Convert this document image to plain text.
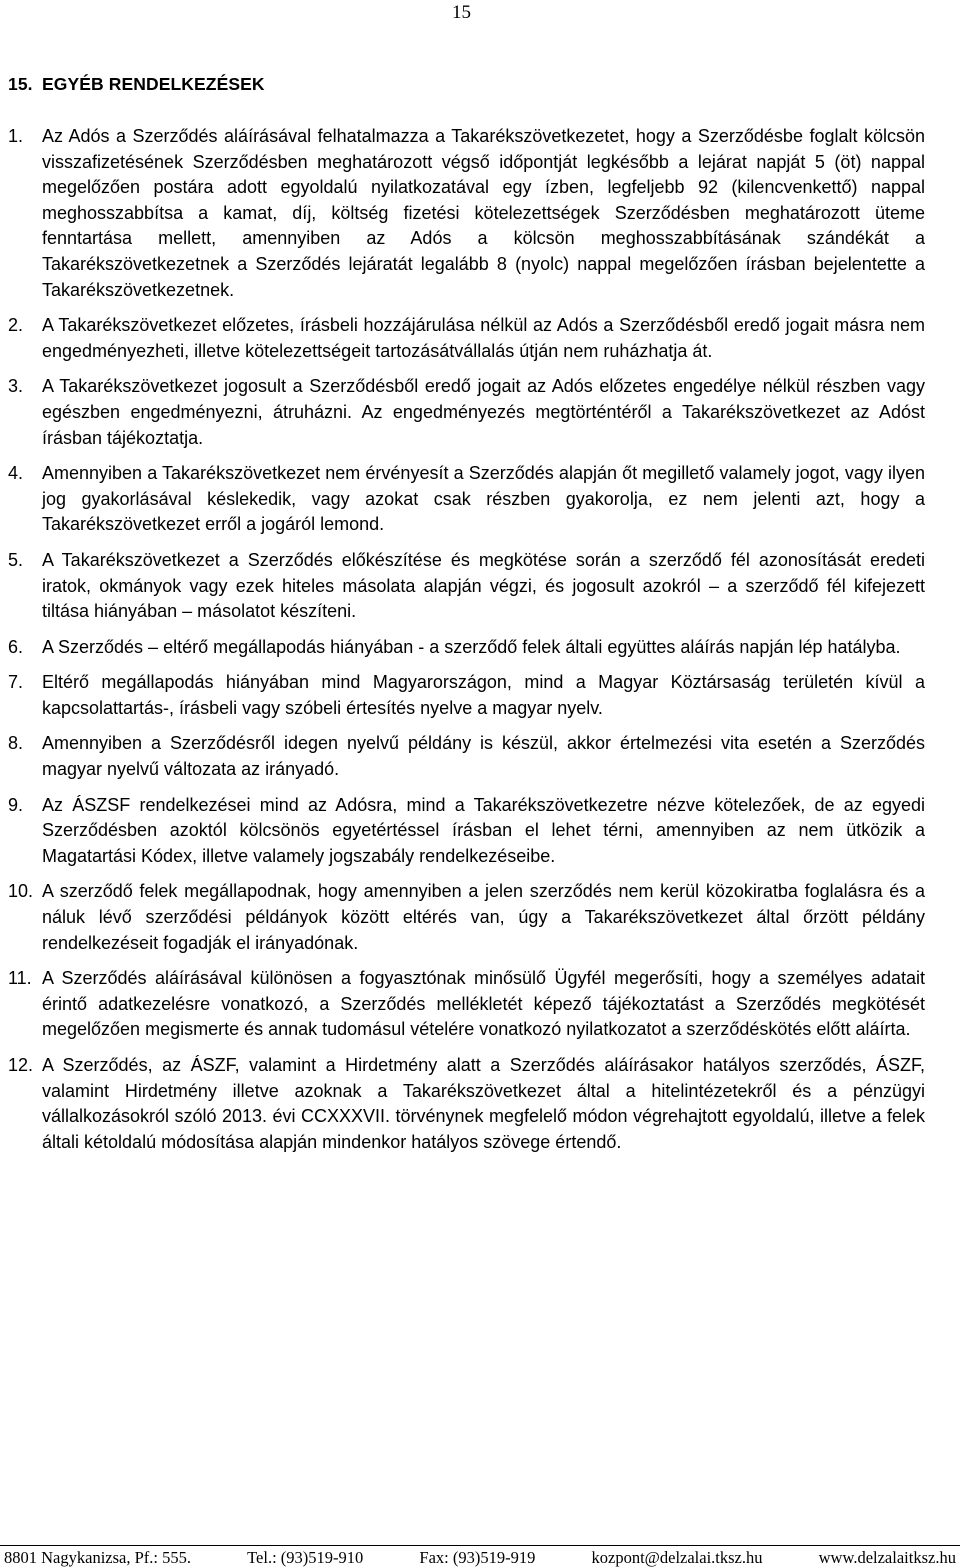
15
15. EGYÉB RENDELKEZÉSEK
1. Az Adós a Szerződés aláírásával felhatalmazza a Takarékszövetkezetet, hogy a Szerződésbe foglalt kölcsön visszafizetésének Szerződésben meghatározott végső időpontját legkésőbb a lejárat napját 5 (öt) nappal megelőzően postára adott egyoldalú nyilatkozatával egy ízben, legfeljebb 92 (kilencvenkettő) nappal meghosszabbítsa a kamat, díj, költség fizetési kötelezettségek Szerződésben meghatározott üteme fenntartása mellett, amennyiben az Adós a kölcsön meghosszabbításának szándékát a Takarékszövetkezetnek a Szerződés lejáratát legalább 8 (nyolc) nappal megelőzően írásban bejelentette a Takarékszövetkezetnek.
2. A Takarékszövetkezet előzetes, írásbeli hozzájárulása nélkül az Adós a Szerződésből eredő jogait másra nem engedményezheti, illetve kötelezettségeit tartozásátvállalás útján nem ruházhatja át.
3. A Takarékszövetkezet jogosult a Szerződésből eredő jogait az Adós előzetes engedélye nélkül részben vagy egészben engedményezni, átruházni. Az engedményezés megtörténtéről a Takarékszövetkezet az Adóst írásban tájékoztatja.
4. Amennyiben a Takarékszövetkezet nem érvényesít a Szerződés alapján őt megillető valamely jogot, vagy ilyen jog gyakorlásával késlekedik, vagy azokat csak részben gyakorolja, ez nem jelenti azt, hogy a Takarékszövetkezet erről a jogáról lemond.
5. A Takarékszövetkezet a Szerződés előkészítése és megkötése során a szerződő fél azonosítását eredeti iratok, okmányok vagy ezek hiteles másolata alapján végzi, és jogosult azokról – a szerződő fél kifejezett tiltása hiányában – másolatot készíteni.
6. A Szerződés – eltérő megállapodás hiányában - a szerződő felek általi együttes aláírás napján lép hatályba.
7. Eltérő megállapodás hiányában mind Magyarországon, mind a Magyar Köztársaság területén kívül a kapcsolattartás-, írásbeli vagy szóbeli értesítés nyelve a magyar nyelv.
8. Amennyiben a Szerződésről idegen nyelvű példány is készül, akkor értelmezési vita esetén a Szerződés magyar nyelvű változata az irányadó.
9. Az ÁSZSF rendelkezései mind az Adósra, mind a Takarékszövetkezetre nézve kötelezőek, de az egyedi Szerződésben azoktól kölcsönös egyetértéssel írásban el lehet térni, amennyiben az nem ütközik a Magatartási Kódex, illetve valamely jogszabály rendelkezéseibe.
10. A szerződő felek megállapodnak, hogy amennyiben a jelen szerződés nem kerül közokiratba foglalásra és a náluk lévő szerződési példányok között eltérés van, úgy a Takarékszövetkezet által őrzött példány rendelkezéseit fogadják el irányadónak.
11. A Szerződés aláírásával különösen a fogyasztónak minősülő Ügyfél megerősíti, hogy a személyes adatait érintő adatkezelésre vonatkozó, a Szerződés mellékletét képező tájékoztatást a Szerződés megkötését megelőzően megismerte és annak tudomásul vételére vonatkozó nyilatkozatot a szerződéskötés előtt aláírta.
12. A Szerződés, az ÁSZF, valamint a Hirdetmény alatt a Szerződés aláírásakor hatályos szerződés, ÁSZF, valamint Hirdetmény illetve azoknak a Takarékszövetkezet által a hitelintézetekről és a pénzügyi vállalkozásokról szóló 2013. évi CCXXXVII. törvénynek megfelelő módon végrehajtott egyoldalú, illetve a felek általi kétoldalú módosítása alapján mindenkor hatályos szövege értendő.
8801 Nagykanizsa, Pf.: 555.	Tel.: (93)519-910	Fax: (93)519-919	kozpont@delzalai.tksz.hu	www.delzalaitksz.hu
